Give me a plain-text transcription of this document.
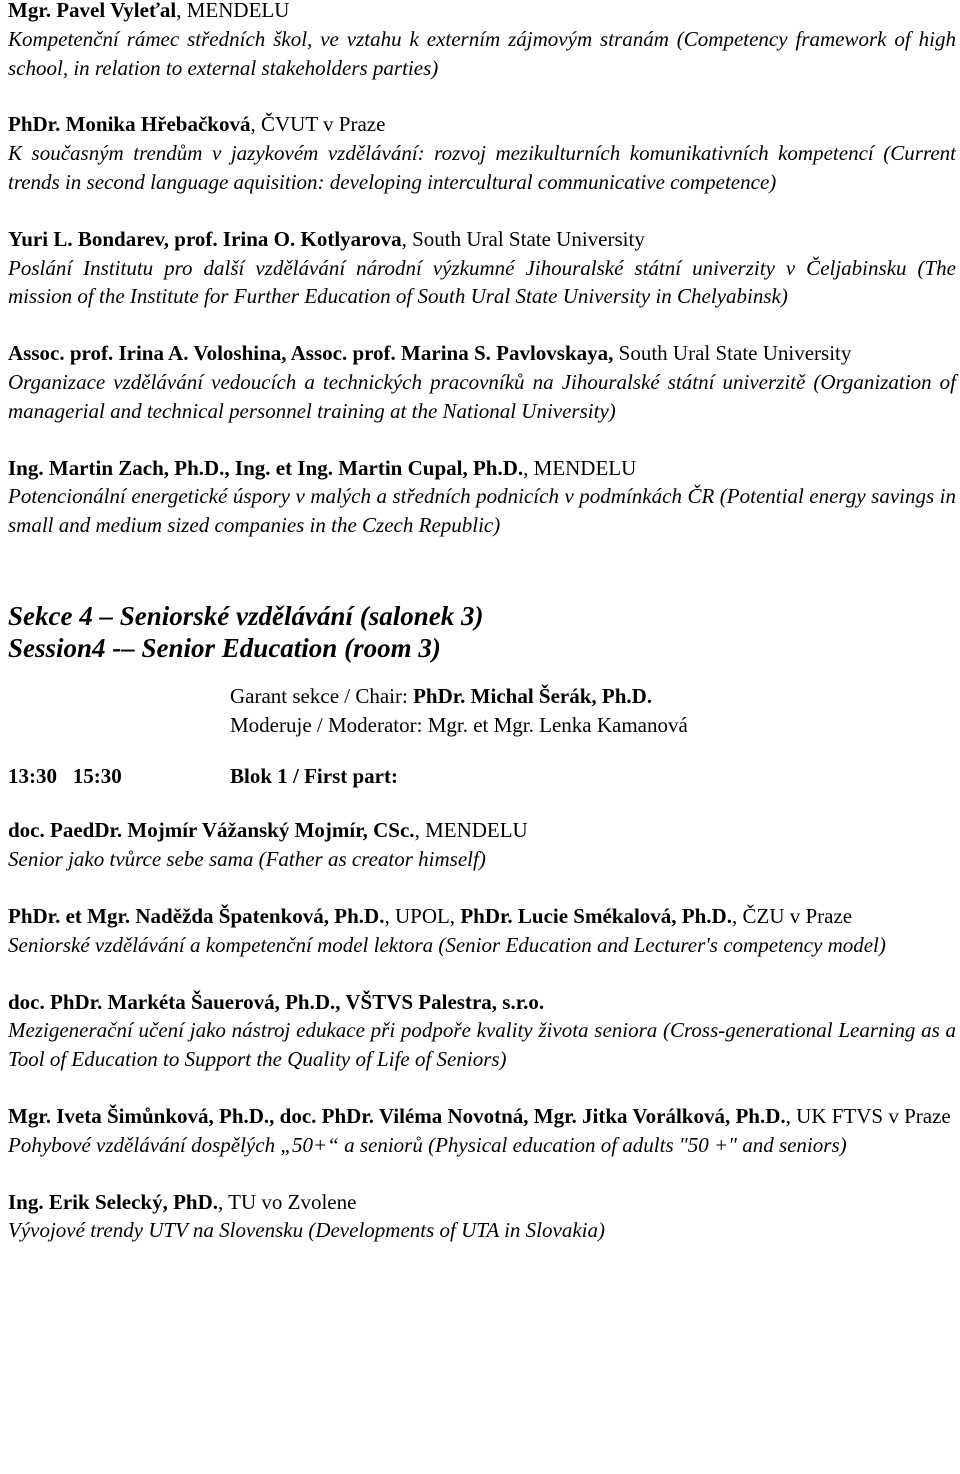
Mgr. Pavel Vyleťal, MENDELU
Kompetenční rámec středních škol, ve vztahu k externím zájmovým stranám (Competency framework of high school, in relation to external stakeholders parties)
PhDr. Monika Hřebačková, ČVUT v Praze
K současným trendům v jazykovém vzdělávání: rozvoj mezikulturních komunikativních kompetencí (Current trends in second language aquisition: developing intercultural communicative competence)
Yuri L. Bondarev, prof. Irina O. Kotlyarova, South Ural State University
Poslání Institutu pro další vzdělávání národní výzkumné Jihouralské státní univerzity v Čeljabinsku (The mission of the Institute for Further Education of South Ural State University in Chelyabinsk)
Assoc. prof. Irina A. Voloshina, Assoc. prof. Marina S. Pavlovskaya, South Ural State University
Organizace vzdělávání vedoucích a technických pracovníků na Jihouralské státní univerzitě (Organization of managerial and technical personnel training at the National University)
Ing. Martin Zach, Ph.D., Ing. et Ing. Martin Cupal, Ph.D., MENDELU
Potencionální energetické úspory v malých a středních podnicích v podmínkách ČR (Potential energy savings in small and medium sized companies in the Czech Republic)
Sekce 4 – Seniorské vzdělávání (salonek 3)
Session4 -– Senior Education (room 3)
Garant sekce / Chair: PhDr. Michal Šerák, Ph.D.
Moderuje / Moderator: Mgr. et Mgr. Lenka Kamanová
13:30   15:30	Blok 1 / First part:
doc. PaedDr. Mojmír Vážanský Mojmír, CSc., MENDELU
Senior jako tvůrce sebe sama (Father as creator himself)
PhDr. et Mgr. Naděžda Špatenková, Ph.D., UPOL, PhDr. Lucie Smékalová, Ph.D., ČZU v Praze
Seniorské vzdělávání a kompetenční model lektora (Senior Education and Lecturer's competency model)
doc. PhDr. Markéta Šauerová, Ph.D., VŠTVS Palestra, s.r.o.
Mezigenerační učení jako nástroj edukace při podpoře kvality života seniora (Cross-generational Learning as a Tool of Education to Support the Quality of Life of Seniors)
Mgr. Iveta Šimůnková, Ph.D., doc. PhDr. Viléma Novotná, Mgr. Jitka Vorálková, Ph.D., UK FTVS v Praze
Pohybové vzdělávání dospělých „50+“ a seniorů (Physical education of adults "50 +" and seniors)
Ing. Erik Selecký, PhD., TU vo Zvolene
Vývojové trendy UTV na Slovensku (Developments of UTA in Slovakia)
